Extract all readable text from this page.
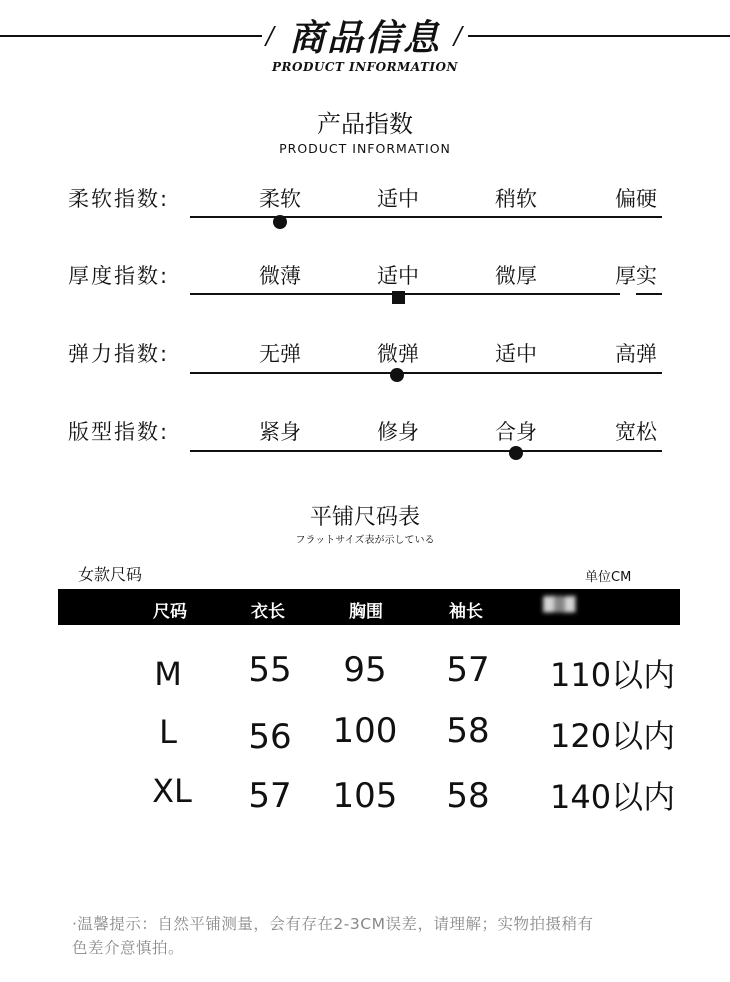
/ 商品信息 /
PRODUCT INFORMATION
产品指数
PRODUCT INFORMATION
柔软指数:	柔软	适中	稍软	偏硬
厚度指数:	微薄	适中	微厚	厚实
弹力指数:	无弹	微弹	适中	高弹
版型指数:	紧身	修身	合身	宽松
平铺尺码表
フラットサイズ表が示している
女款尺码	单位CM
尺码	衣长	胸围	袖长	▓▒▓
M	55	95	57	110以内
L	56	100	58	120以内
XL	57	105	58	140以内
·温馨提示：自然平铺测量，会有存在2-3CM误差，请理解；实物拍摄稍有
色差介意慎拍。
